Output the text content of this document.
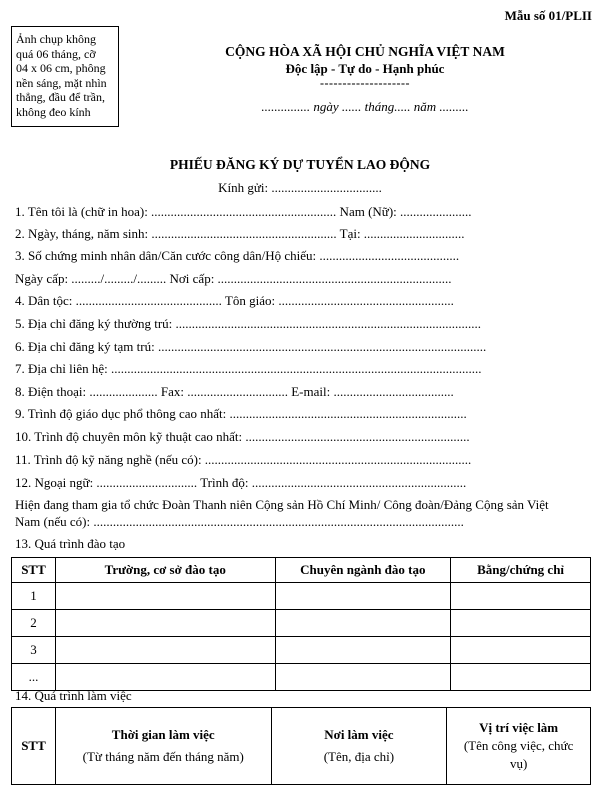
Mẫu số 01/PLII
Ảnh chụp không
quá 06 tháng, cỡ
04 x 06 cm, phông
nền sáng, mặt nhìn
thẳng, đầu để trần,
không đeo kính
CỘNG HÒA XÃ HỘI CHỦ NGHĨA VIỆT NAM
Độc lập - Tự do - Hạnh phúc
--------------------
............... ngày ...... tháng..... năm .........
PHIẾU ĐĂNG KÝ DỰ TUYỂN LAO ĐỘNG
Kính gửi: ..................................
1. Tên tôi là (chữ in hoa): ......................................................... Nam (Nữ): ......................
2. Ngày, tháng, năm sinh: ......................................................... Tại: ...............................
3. Số chứng minh nhân dân/Căn cước công dân/Hộ chiếu: ...........................................
Ngày cấp: ........./........./......... Nơi cấp: ........................................................................
4. Dân tộc: ............................................. Tôn giáo: ......................................................
5. Địa chỉ đăng ký thường trú: ..............................................................................................
6. Địa chỉ đăng ký tạm trú: .....................................................................................................
7. Địa chỉ liên hệ: ..................................................................................................................
8. Điện thoại: ..................... Fax: ............................... E-mail: .....................................
9. Trình độ giáo dục phổ thông cao nhất: .........................................................................
10. Trình độ chuyên môn kỹ thuật cao nhất: .....................................................................
11. Trình độ kỹ năng nghề (nếu có): ..................................................................................
12. Ngoại ngữ: ............................... Trình độ: ..................................................................
Hiện đang tham gia tổ chức Đoàn Thanh niên Cộng sản Hồ Chí Minh/ Công đoàn/Đảng Cộng sản Việt
Nam (nếu có): ..................................................................................................................
13. Quá trình đào tạo
STT	Trường, cơ sở đào tạo	Chuyên ngành đào tạo	Bằng/chứng chỉ
1			
2			
3			
...			
14. Quá trình làm việc
STT	Thời gian làm việc
(Từ tháng năm đến tháng năm)
	Nơi làm việc
(Tên, địa chỉ)
	Vị trí việc làm
(Tên công việc, chức
vụ)
